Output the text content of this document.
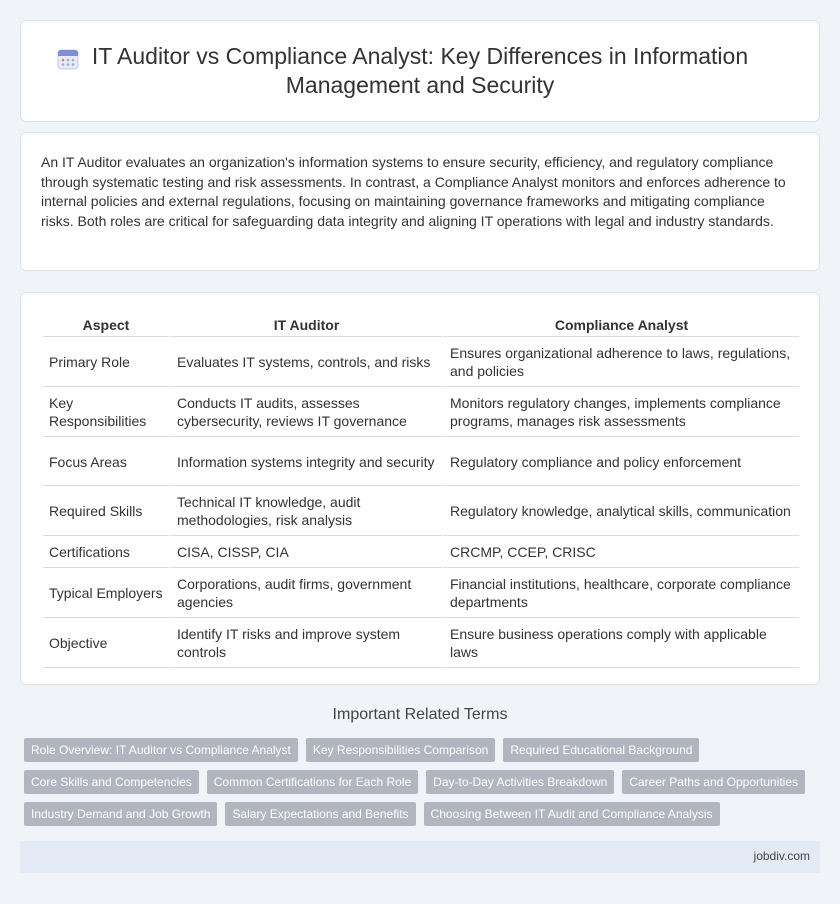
IT Auditor vs Compliance Analyst: Key Differences in Information Management and Security

An IT Auditor evaluates an organization's information systems to ensure security, efficiency, and regulatory compliance through systematic testing and risk assessments. In contrast, a Compliance Analyst monitors and enforces adherence to internal policies and external regulations, focusing on maintaining governance frameworks and mitigating compliance risks. Both roles are critical for safeguarding data integrity and aligning IT operations with legal and industry standards.

Aspect	IT Auditor	Compliance Analyst
Primary Role	Evaluates IT systems, controls, and risks	Ensures organizational adherence to laws, regulations, and policies
Key Responsibilities	Conducts IT audits, assesses cybersecurity, reviews IT governance	Monitors regulatory changes, implements compliance programs, manages risk assessments
Focus Areas	Information systems integrity and security	Regulatory compliance and policy enforcement
Required Skills	Technical IT knowledge, audit methodologies, risk analysis	Regulatory knowledge, analytical skills, communication
Certifications	CISA, CISSP, CIA	CRCMP, CCEP, CRISC
Typical Employers	Corporations, audit firms, government agencies	Financial institutions, healthcare, corporate compliance departments
Objective	Identify IT risks and improve system controls	Ensure business operations comply with applicable laws
Important Related Terms
Role Overview: IT Auditor vs Compliance Analyst	Key Responsibilities Comparison	Required Educational Background
Core Skills and Competencies	Common Certifications for Each Role	Day-to-Day Activities Breakdown	Career Paths and Opportunities
Industry Demand and Job Growth	Salary Expectations and Benefits	Choosing Between IT Audit and Compliance Analysis
jobdiv.com
